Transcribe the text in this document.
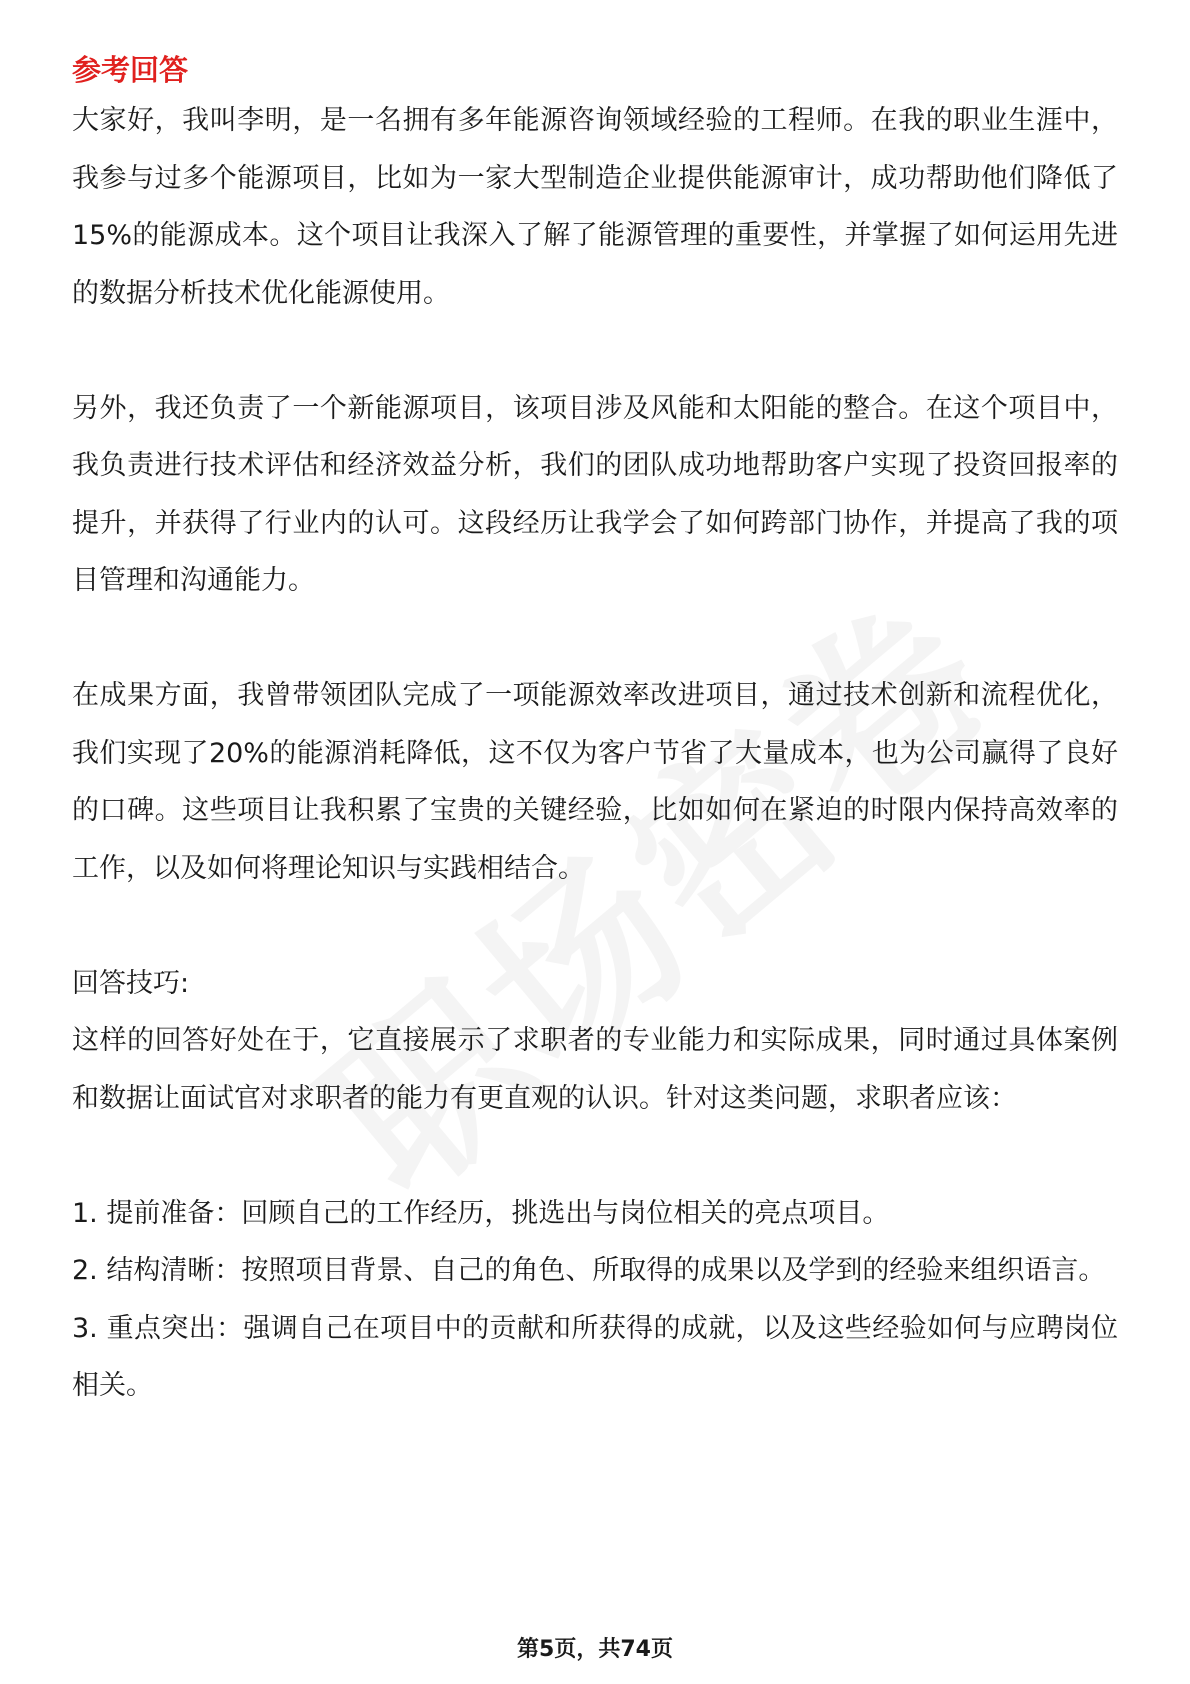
参考回答

大家好，我叫李明，是一名拥有多年能源咨询领域经验的工程师。在我的职业生涯中，我参与过多个能源项目，比如为一家大型制造企业提供能源审计，成功帮助他们降低了15%的能源成本。这个项目让我深入了解了能源管理的重要性，并掌握了如何运用先进的数据分析技术优化能源使用。

另外，我还负责了一个新能源项目，该项目涉及风能和太阳能的整合。在这个项目中，我负责进行技术评估和经济效益分析，我们的团队成功地帮助客户实现了投资回报率的提升，并获得了行业内的认可。这段经历让我学会了如何跨部门协作，并提高了我的项目管理和沟通能力。

在成果方面，我曾带领团队完成了一项能源效率改进项目，通过技术创新和流程优化，我们实现了20%的能源消耗降低，这不仅为客户节省了大量成本，也为公司赢得了良好的口碑。这些项目让我积累了宝贵的关键经验，比如如何在紧迫的时限内保持高效率的工作，以及如何将理论知识与实践相结合。

回答技巧:

这样的回答好处在于，它直接展示了求职者的专业能力和实际成果，同时通过具体案例和数据让面试官对求职者的能力有更直观的认识。针对这类问题，求职者应该：

1. 提前准备：回顾自己的工作经历，挑选出与岗位相关的亮点项目。

2. 结构清晰：按照项目背景、自己的角色、所取得的成果以及学到的经验来组织语言。

3. 重点突出：强调自己在项目中的贡献和所获得的成就，以及这些经验如何与应聘岗位相关。

第5页，共74页
